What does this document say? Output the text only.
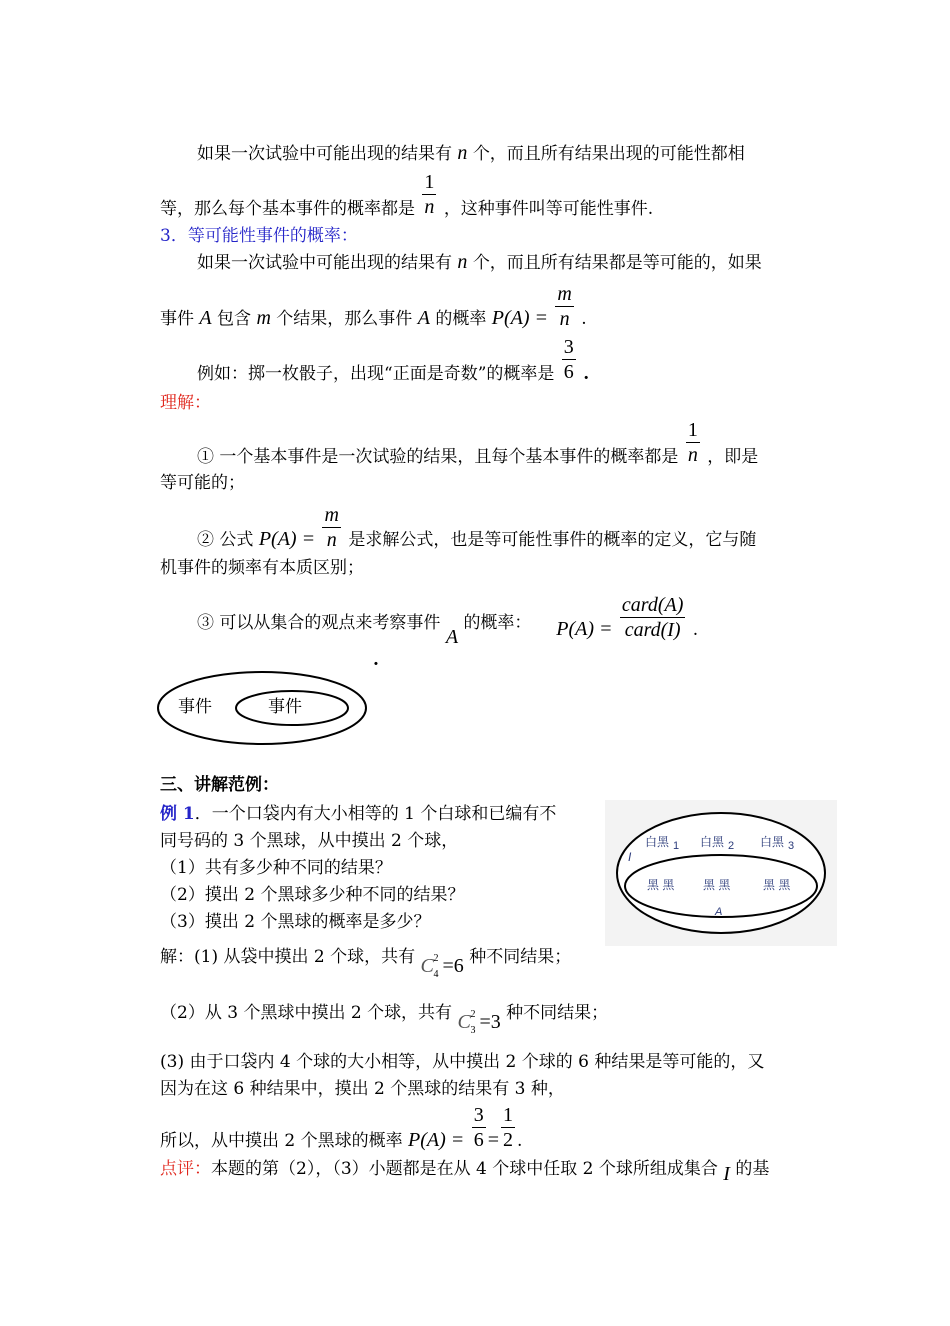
如果一次试验中可能出现的结果有 n 个，而且所有结果出现的可能性都相
等，那么每个基本事件的概率都是 $\frac{1}{n}$ ，这种事件叫等可能性事件.
3．等可能性事件的概率：
如果一次试验中可能出现的结果有 n 个，而且所有结果都是等可能的，如果
事件 A 包含 m 个结果，那么事件 A 的概率 $P(A) = \frac{m}{n}$ .
例如：掷一枚骰子，出现“正面是奇数”的概率是 $\frac{3}{6}$ .
理解：
① 一个基本事件是一次试验的结果，且每个基本事件的概率都是 $\frac{1}{n}$ ，即是
等可能的；
② 公式 $P(A) = \frac{m}{n}$ 是求解公式，也是等可能性事件的概率的定义，它与随
机事件的频率有本质区别；
③ 可以从集合的观点来考察事件 A 的概率： $P(A) = \frac{\text{card(A)}}{\text{card(I)}}$ .
.
事件	事件
三、讲解范例：
例 1．一个口袋内有大小相等的 1 个白球和已编有不
同号码的 3 个黑球，从中摸出 2 个球，
（1）共有多少种不同的结果？
（2）摸出 2 个黑球多少种不同的结果？
（3）摸出 2 个黑球的概率是多少？
解：(1) 从袋中摸出 2 个球，共有 C 2
4 =6 种不同结果；
（2）从 3 个黑球中摸出 2 个球，共有 C 2
3 =3 种不同结果；
(3) 由于口袋内 4 个球的大小相等，从中摸出 2 个球的 6 种结果是等可能的，又
因为在这 6 种结果中，摸出 2 个黑球的结果有 3 种，
所以，从中摸出 2 个黑球的概率 $P(A) = \frac{3}{6} = \frac{1}{2}$ .
点评：本题的第（2），（3）小题都是在从 4 个球中任取 2 个球所组成集合 I 的基
白黑 1 白黑 2 白黑 3
I
黑 黑 黑 黑	黑 黑
A
